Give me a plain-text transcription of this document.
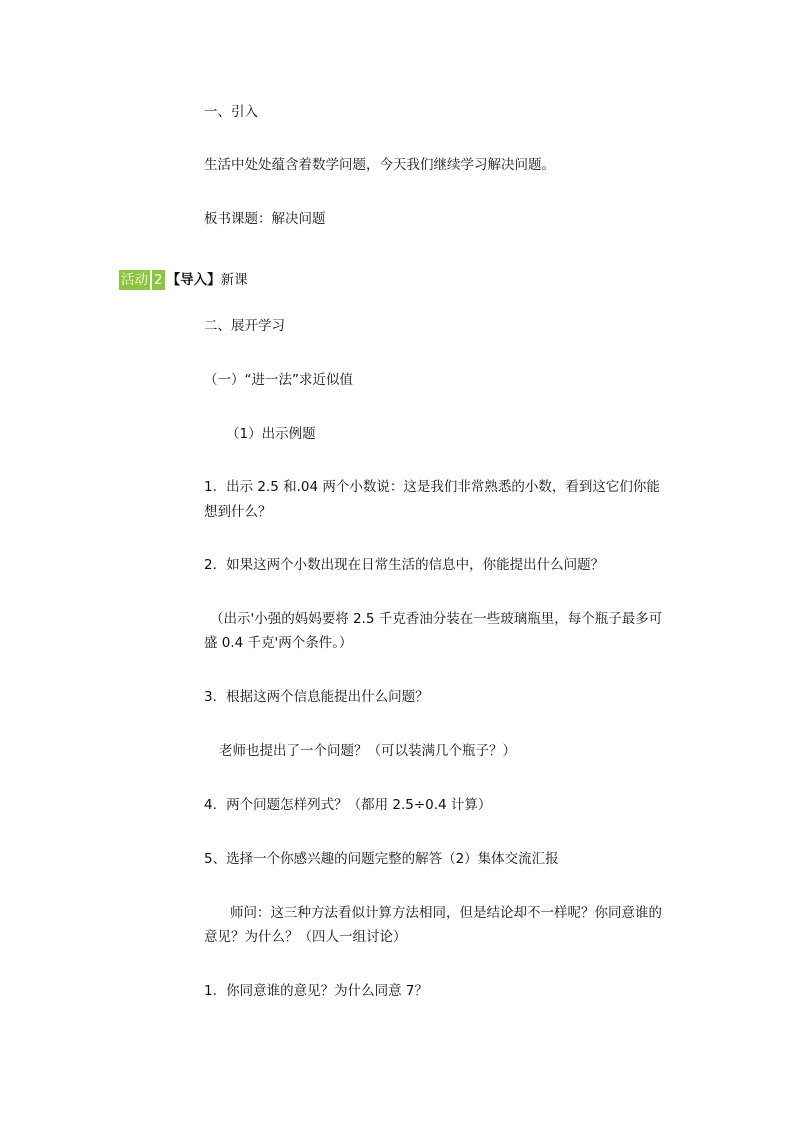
一、引入
生活中处处蕴含着数学问题，今天我们继续学习解决问题。
板书课题：解决问题
活动 2 【导入】新课
二、展开学习
（一）“进一法”求近似值
（1）出示例题
1．出示 2.5 和.04 两个小数说：这是我们非常熟悉的小数，看到这它们你能
想到什么？
2．如果这两个小数出现在日常生活的信息中，你能提出什么问题？
（出示'小强的妈妈要将 2.5 千克香油分装在一些玻璃瓶里，每个瓶子最多可
盛 0.4 千克'两个条件。）
3．根据这两个信息能提出什么问题？
老师也提出了一个问题？（可以装满几个瓶子？）
4．两个问题怎样列式？（都用 2.5÷0.4 计算）
5、选择一个你感兴趣的问题完整的解答（2）集体交流汇报
师问：这三种方法看似计算方法相同，但是结论却不一样呢？你同意谁的
意见？为什么？（四人一组讨论）
1．你同意谁的意见？为什么同意 7？
